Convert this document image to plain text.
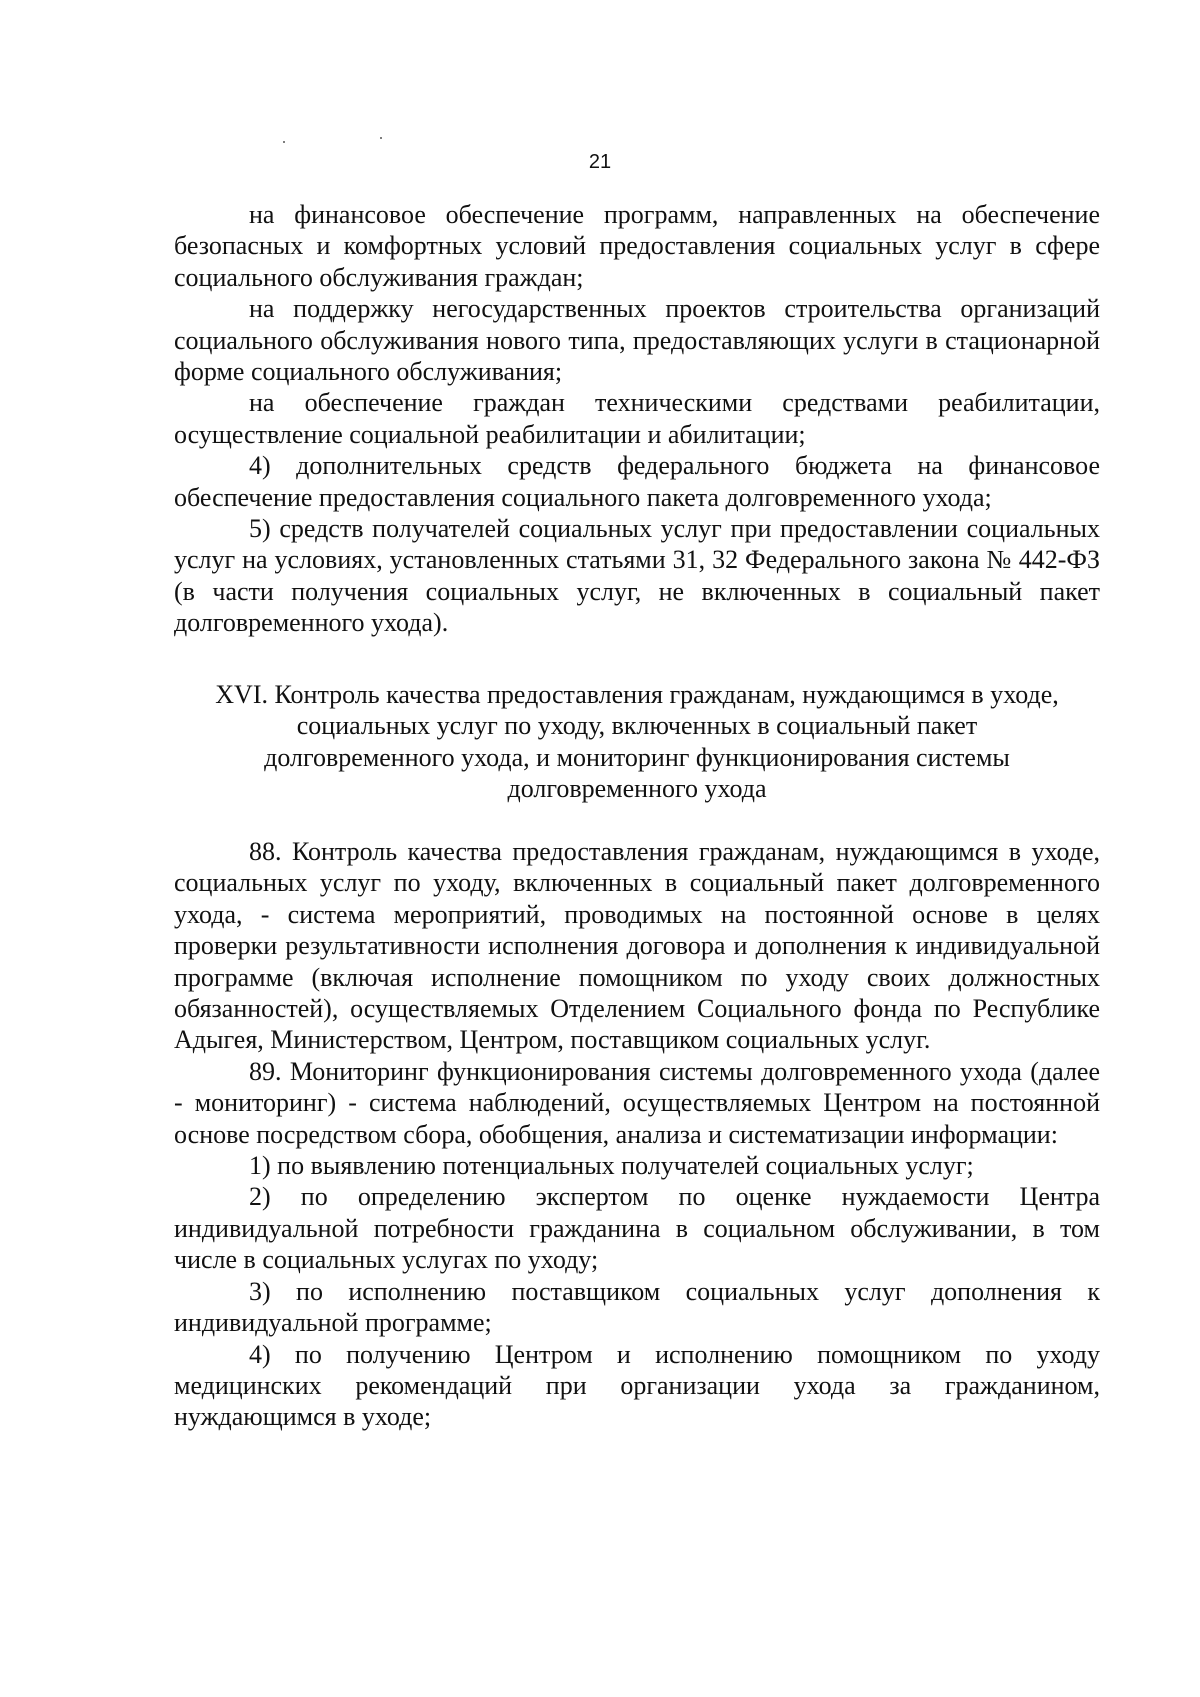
21

на финансовое обеспечение программ, направленных на обеспечение безопасных и комфортных условий предоставления социальных услуг в сфере социального обслуживания граждан;

на поддержку негосударственных проектов строительства организаций социального обслуживания нового типа, предоставляющих услуги в стационарной форме социального обслуживания;

на обеспечение граждан техническими средствами реабилитации, осуществление социальной реабилитации и абилитации;

4) дополнительных средств федерального бюджета на финансовое обеспечение предоставления социального пакета долговременного ухода;

5) средств получателей социальных услуг при предоставлении социальных услуг на условиях, установленных статьями 31, 32 Федерального закона № 442-ФЗ (в части получения социальных услуг, не включенных в социальный пакет долговременного ухода).

XVI. Контроль качества предоставления гражданам, нуждающимся в уходе,
социальных услуг по уходу, включенных в социальный пакет
долговременного ухода, и мониторинг функционирования системы
долговременного ухода

88. Контроль качества предоставления гражданам, нуждающимся в уходе, социальных услуг по уходу, включенных в социальный пакет долговременного ухода, - система мероприятий, проводимых на постоянной основе в целях проверки результативности исполнения договора и дополнения к индивидуальной программе (включая исполнение помощником по уходу своих должностных обязанностей), осуществляемых Отделением Социального фонда по Республике Адыгея, Министерством, Центром, поставщиком социальных услуг.

89. Мониторинг функционирования системы долговременного ухода (далее - мониторинг) - система наблюдений, осуществляемых Центром на постоянной основе посредством сбора, обобщения, анализа и систематизации информации:

1) по выявлению потенциальных получателей социальных услуг;

2) по определению экспертом по оценке нуждаемости Центра индивидуальной потребности гражданина в социальном обслуживании, в том числе в социальных услугах по уходу;

3) по исполнению поставщиком социальных услуг дополнения к индивидуальной программе;

4) по получению Центром и исполнению помощником по уходу медицинских рекомендаций при организации ухода за гражданином, нуждающимся в уходе;
